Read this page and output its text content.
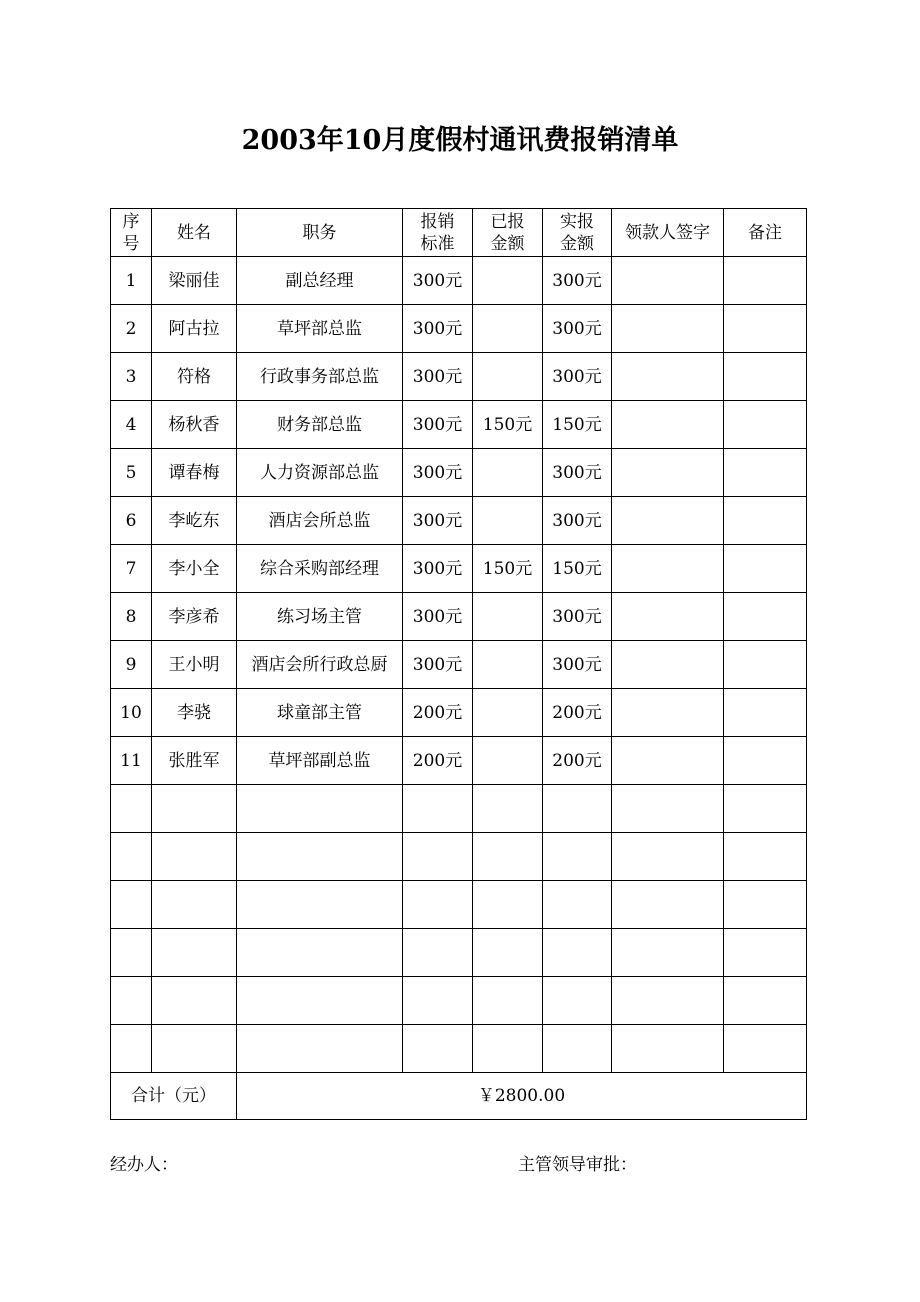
2003年10月度假村通讯费报销清单
序号	姓名	职务	报销标准	已报金额	实报金额	领款人签字	备注
1	梁丽佳	副总经理	300元		300元		
2	阿古拉	草坪部总监	300元		300元		
3	符格	行政事务部总监	300元		300元		
4	杨秋香	财务部总监	300元	150元	150元		
5	谭春梅	人力资源部总监	300元		300元		
6	李屹东	酒店会所总监	300元		300元		
7	李小全	综合采购部经理	300元	150元	150元		
8	李彦希	练习场主管	300元		300元		
9	王小明	酒店会所行政总厨	300元		300元		
10	李骁	球童部主管	200元		200元		
11	张胜军	草坪部副总监	200元		200元		

合计（元）		￥2800.00					
经办人：	主管领导审批：
